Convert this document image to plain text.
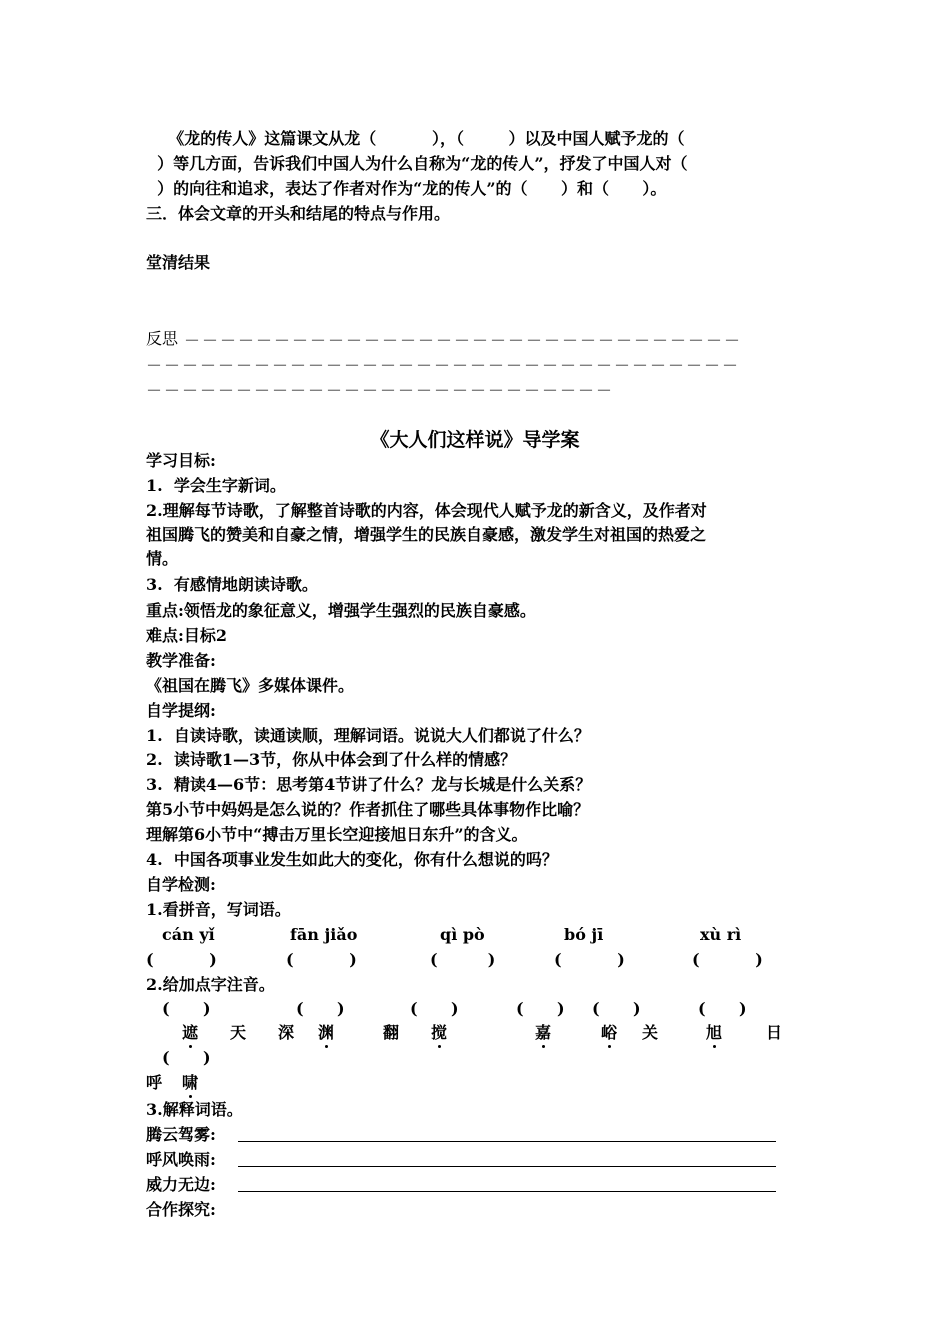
《龙的传人》这篇课文从龙（          ），（        ）以及中国人赋予龙的（
）等几方面，告诉我们中国人为什么自称为“龙的传人”，抒发了中国人对（
）的向往和追求，表达了作者对作为“龙的传人”的（      ）和（      ）。
三．体会文章的开头和结尾的特点与作用。
堂清结果
反思 －－－－－－－－－－－－－－－－－－－－－－－－－－－－－－－
－－－－－－－－－－－－－－－－－－－－－－－－－－－－－－－－－
－－－－－－－－－－－－－－－－－－－－－－－－－－
《大人们这样说》导学案
学习目标:
1.  学会生字新词。
2.理解每节诗歌，了解整首诗歌的内容，体会现代人赋予龙的新含义，及作者对
祖国腾飞的赞美和自豪之情，增强学生的民族自豪感，激发学生对祖国的热爱之
情。
3.  有感情地朗读诗歌。
重点:领悟龙的象征意义，增强学生强烈的民族自豪感。
难点:目标2
教学准备:
《祖国在腾飞》多媒体课件。
自学提纲:
1.  自读诗歌，读通读顺，理解词语。说说大人们都说了什么？
2.  读诗歌1—3节，你从中体会到了什么样的情感？
3.  精读4—6节：思考第4节讲了什么？龙与长城是什么关系？
第5小节中妈妈是怎么说的？作者抓住了哪些具体事物作比喻？
理解第6小节中“搏击万里长空迎接旭日东升”的含义。
4.  中国各项事业发生如此大的变化，你有什么想说的吗？
自学检测:
1.看拼音，写词语。
cán yǐ	fān jiǎo	qì pò	bó jī	xù rì
(          )	(          )	(         )	(          )	(          )
2.给加点字注音。
(      )	(      )	(      )	(      ) (      )	(      )
遮 天 深 渊	翻 搅	嘉	峪 关	旭	日
(      )
呼 啸
3.解释词语。
腾云驾雾:
呼风唤雨:
威力无边:
合作探究:
